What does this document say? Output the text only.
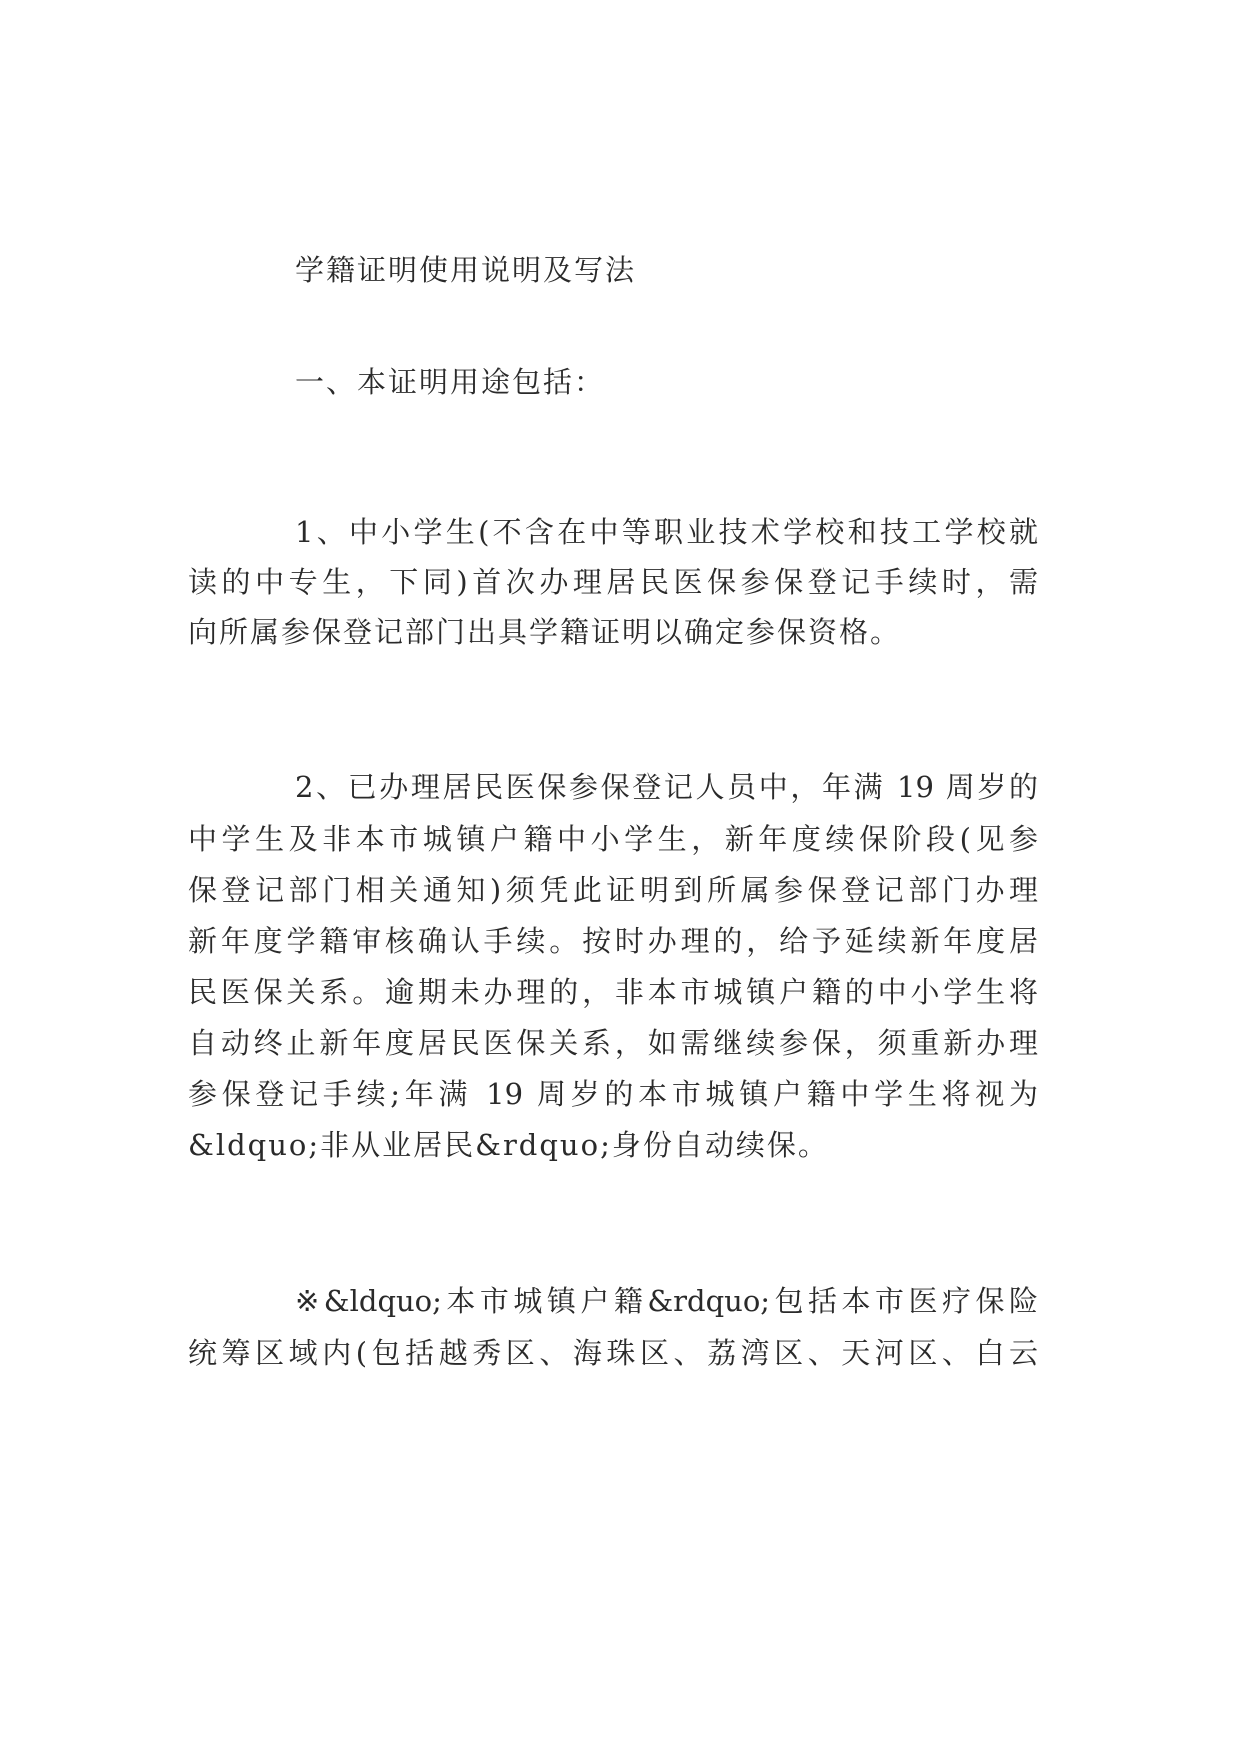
学籍证明使用说明及写法
一、本证明用途包括：
1、中小学生(不含在中等职业技术学校和技工学校就
读的中专生，下同)首次办理居民医保参保登记手续时，需
向所属参保登记部门出具学籍证明以确定参保资格。
2、已办理居民医保参保登记人员中，年满 19 周岁的
中学生及非本市城镇户籍中小学生，新年度续保阶段(见参
保登记部门相关通知)须凭此证明到所属参保登记部门办理
新年度学籍审核确认手续。按时办理的，给予延续新年度居
民医保关系。逾期未办理的，非本市城镇户籍的中小学生将
自动终止新年度居民医保关系，如需继续参保，须重新办理
参保登记手续;年满 19 周岁的本市城镇户籍中学生将视为
&ldquo;非从业居民&rdquo;身份自动续保。
※&ldquo;本市城镇户籍&rdquo;包括本市医疗保险
统筹区域内(包括越秀区、海珠区、荔湾区、天河区、白云
